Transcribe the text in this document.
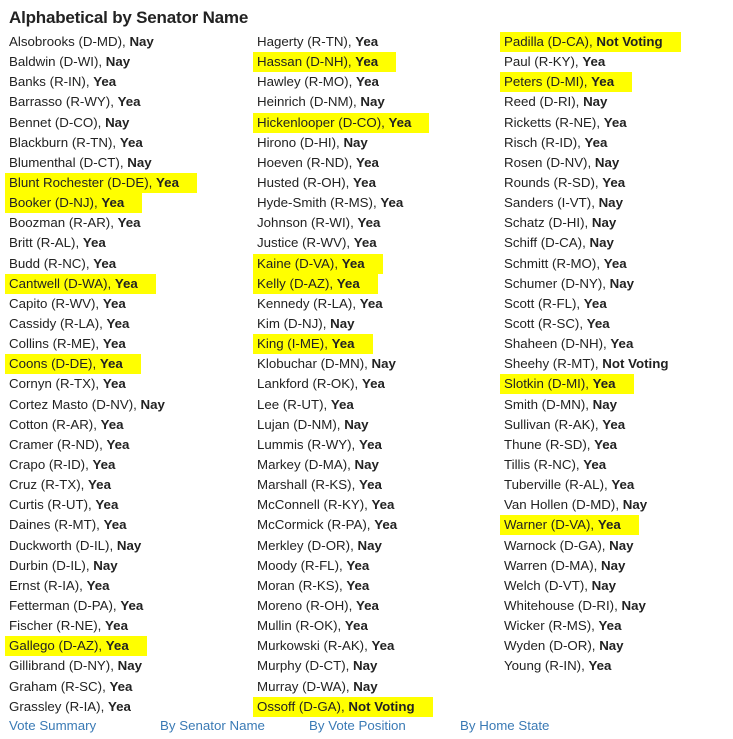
Alphabetical by Senator Name
Alsobrooks (D-MD), Nay
Baldwin (D-WI), Nay
Banks (R-IN), Yea
Barrasso (R-WY), Yea
Bennet (D-CO), Nay
Blackburn (R-TN), Yea
Blumenthal (D-CT), Nay
Blunt Rochester (D-DE), Yea
Booker (D-NJ), Yea
Boozman (R-AR), Yea
Britt (R-AL), Yea
Budd (R-NC), Yea
Cantwell (D-WA), Yea
Capito (R-WV), Yea
Cassidy (R-LA), Yea
Collins (R-ME), Yea
Coons (D-DE), Yea
Cornyn (R-TX), Yea
Cortez Masto (D-NV), Nay
Cotton (R-AR), Yea
Cramer (R-ND), Yea
Crapo (R-ID), Yea
Cruz (R-TX), Yea
Curtis (R-UT), Yea
Daines (R-MT), Yea
Duckworth (D-IL), Nay
Durbin (D-IL), Nay
Ernst (R-IA), Yea
Fetterman (D-PA), Yea
Fischer (R-NE), Yea
Gallego (D-AZ), Yea
Gillibrand (D-NY), Nay
Graham (R-SC), Yea
Grassley (R-IA), Yea
Hagerty (R-TN), Yea
Hassan (D-NH), Yea
Hawley (R-MO), Yea
Heinrich (D-NM), Nay
Hickenlooper (D-CO), Yea
Hirono (D-HI), Nay
Hoeven (R-ND), Yea
Husted (R-OH), Yea
Hyde-Smith (R-MS), Yea
Johnson (R-WI), Yea
Justice (R-WV), Yea
Kaine (D-VA), Yea
Kelly (D-AZ), Yea
Kennedy (R-LA), Yea
Kim (D-NJ), Nay
King (I-ME), Yea
Klobuchar (D-MN), Nay
Lankford (R-OK), Yea
Lee (R-UT), Yea
Lujan (D-NM), Nay
Lummis (R-WY), Yea
Markey (D-MA), Nay
Marshall (R-KS), Yea
McConnell (R-KY), Yea
McCormick (R-PA), Yea
Merkley (D-OR), Nay
Moody (R-FL), Yea
Moran (R-KS), Yea
Moreno (R-OH), Yea
Mullin (R-OK), Yea
Murkowski (R-AK), Yea
Murphy (D-CT), Nay
Murray (D-WA), Nay
Ossoff (D-GA), Not Voting
Padilla (D-CA), Not Voting
Paul (R-KY), Yea
Peters (D-MI), Yea
Reed (D-RI), Nay
Ricketts (R-NE), Yea
Risch (R-ID), Yea
Rosen (D-NV), Nay
Rounds (R-SD), Yea
Sanders (I-VT), Nay
Schatz (D-HI), Nay
Schiff (D-CA), Nay
Schmitt (R-MO), Yea
Schumer (D-NY), Nay
Scott (R-FL), Yea
Scott (R-SC), Yea
Shaheen (D-NH), Yea
Sheehy (R-MT), Not Voting
Slotkin (D-MI), Yea
Smith (D-MN), Nay
Sullivan (R-AK), Yea
Thune (R-SD), Yea
Tillis (R-NC), Yea
Tuberville (R-AL), Yea
Van Hollen (D-MD), Nay
Warner (D-VA), Yea
Warnock (D-GA), Nay
Warren (D-MA), Nay
Welch (D-VT), Nay
Whitehouse (D-RI), Nay
Wicker (R-MS), Yea
Wyden (D-OR), Nay
Young (R-IN), Yea
Vote Summary	By Senator Name	By Vote Position	By Home State
